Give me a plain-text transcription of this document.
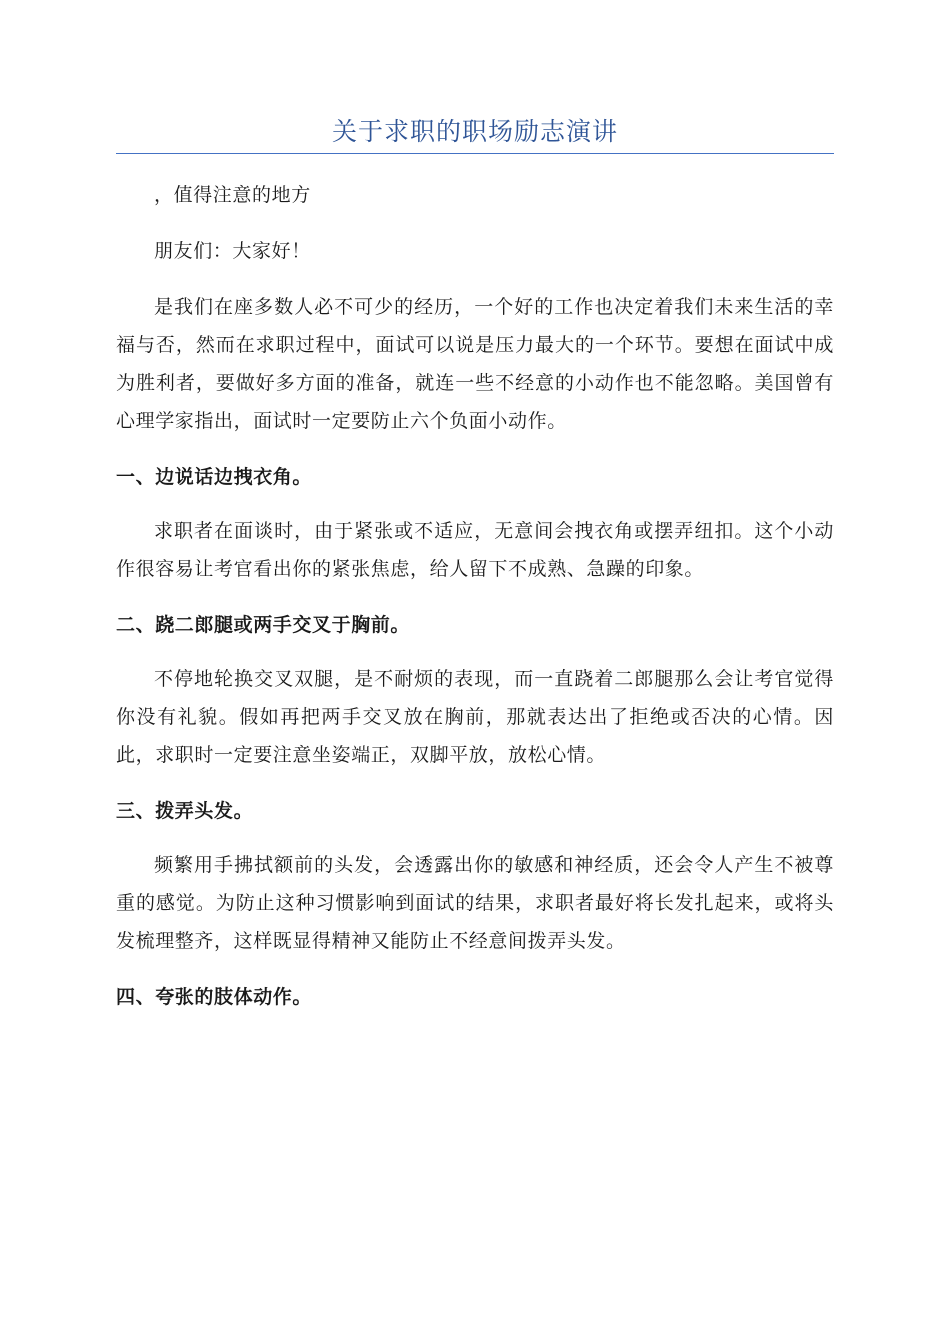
关于求职的职场励志演讲

，值得注意的地方

朋友们：大家好！

是我们在座多数人必不可少的经历，一个好的工作也决定着我们未来生活的幸福与否，然而在求职过程中，面试可以说是压力最大的一个环节。要想在面试中成为胜利者，要做好多方面的准备，就连一些不经意的小动作也不能忽略。美国曾有心理学家指出，面试时一定要防止六个负面小动作。

一、边说话边拽衣角。

求职者在面谈时，由于紧张或不适应，无意间会拽衣角或摆弄纽扣。这个小动作很容易让考官看出你的紧张焦虑，给人留下不成熟、急躁的印象。

二、跷二郎腿或两手交叉于胸前。

不停地轮换交叉双腿，是不耐烦的表现，而一直跷着二郎腿那么会让考官觉得你没有礼貌。假如再把两手交叉放在胸前，那就表达出了拒绝或否决的心情。因此，求职时一定要注意坐姿端正，双脚平放，放松心情。

三、拨弄头发。

频繁用手拂拭额前的头发，会透露出你的敏感和神经质，还会令人产生不被尊重的感觉。为防止这种习惯影响到面试的结果，求职者最好将长发扎起来，或将头发梳理整齐，这样既显得精神又能防止不经意间拨弄头发。

四、夸张的肢体动作。
